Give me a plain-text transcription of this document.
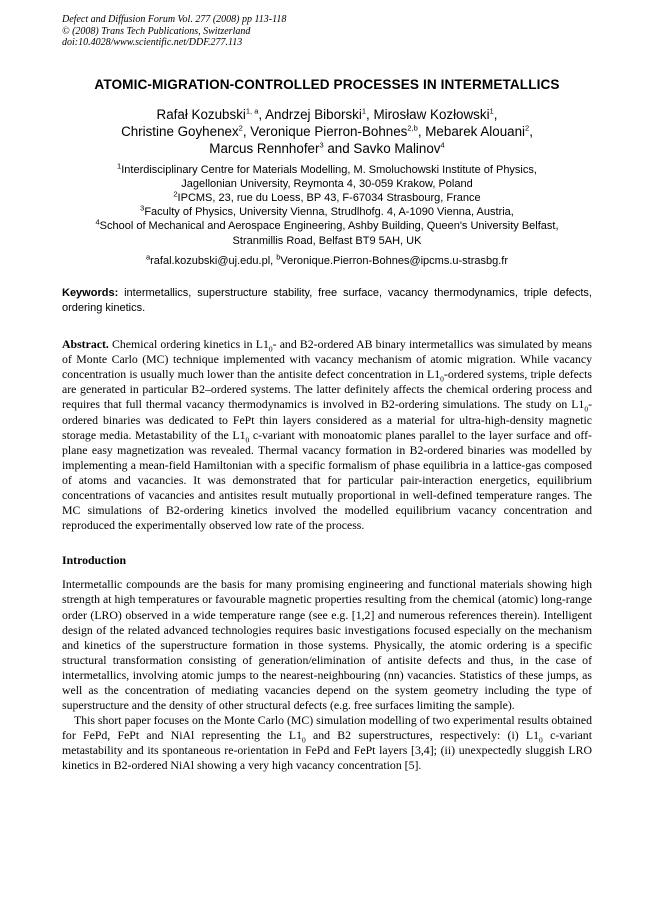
Defect and Diffusion Forum Vol. 277 (2008) pp 113-118

© (2008) Trans Tech Publications, Switzerland

doi:10.4028/www.scientific.net/DDF.277.113

ATOMIC-MIGRATION-CONTROLLED PROCESSES IN INTERMETALLICS
Rafał Kozubski$^{1, a}$, Andrzej Biborski$^1$, Mirosław Kozłowski$^1$,
Christine Goyhenex$^2$, Veronique Pierron-Bohnes$^{2,b}$, Mebarek Alouani$^2$,
Marcus Rennhofer$^3$ and Savko Malinov$^4$

$^1$Interdisciplinary Centre for Materials Modelling, M. Smoluchowski Institute of Physics,

Jagellonian University, Reymonta 4, 30-059 Krakow, Poland

$^2$IPCMS, 23, rue du Loess, BP 43, F-67034 Strasbourg, France

$^3$Faculty of Physics, University Vienna, Strudlhofg. 4, A-1090 Vienna, Austria,

$^4$School of Mechanical and Aerospace Engineering, Ashby Building, Queen's University Belfast,

Stranmillis Road, Belfast BT9 5AH, UK

$^a$rafal.kozubski@uj.edu.pl, $^b$Veronique.Pierron-Bohnes@ipcms.u-strasbg.fr

Keywords: intermetallics, superstructure stability, free surface, vacancy thermodynamics, triple defects, ordering kinetics.

Abstract. Chemical ordering kinetics in $L1_0-$ and B2-ordered AB binary intermetallics was simulated by means of Monte Carlo (MC) technique implemented with vacancy mechanism of atomic migration. While vacancy concentration is usually much lower than the antisite defect concentration in $L1_0$-ordered systems, triple defects are generated in particular B2–ordered systems. The latter definitely affects the chemical ordering process and requires that full thermal vacancy thermodynamics is involved in B2-ordering simulations. The study on $L1_0$-ordered binaries was dedicated to FePt thin layers considered as a material for ultra-high-density magnetic storage media. Metastability of the $L1_0$ c-variant with monoatomic planes parallel to the layer surface and off-plane easy magnetization was revealed. Thermal vacancy formation in B2-ordered binaries was modelled by implementing a mean-field Hamiltonian with a specific formalism of phase equilibria in a lattice-gas composed of atoms and vacancies. It was demonstrated that for particular pair-interaction energetics, equilibrium concentrations of vacancies and antisites result mutually proportional in well-defined temperature ranges. The MC simulations of B2-ordering kinetics involved the modelled equilibrium vacancy concentration and reproduced the experimentally observed low rate of the process.

Introduction

Intermetallic compounds are the basis for many promising engineering and functional materials showing high strength at high temperatures or favourable magnetic properties resulting from the chemical (atomic) long-range order (LRO) observed in a wide temperature range (see e.g. [1,2] and numerous references therein). Intelligent design of the related advanced technologies requires basic investigations focused especially on the mechanism and kinetics of the superstructure formation in those systems. Physically, the atomic ordering is a specific structural transformation consisting of generation/elimination of antisite defects and thus, in the case of intermetallics, involving atomic jumps to the nearest-neighbouring (nn) vacancies. Statistics of these jumps, as well as the concentration of mediating vacancies depend on the system geometry including the type of superstructure and the density of other structural defects (e.g. free surfaces limiting the sample).

This short paper focuses on the Monte Carlo (MC) simulation modelling of two experimental results obtained for FePd, FePt and NiAl representing the $L1_0$ and B2 superstructures, respectively: (i) $L1_0$ c-variant metastability and its spontaneous re-orientation in FePd and FePt layers [3,4]; (ii) unexpectedly sluggish LRO kinetics in B2-ordered NiAl showing a very high vacancy concentration [5].
